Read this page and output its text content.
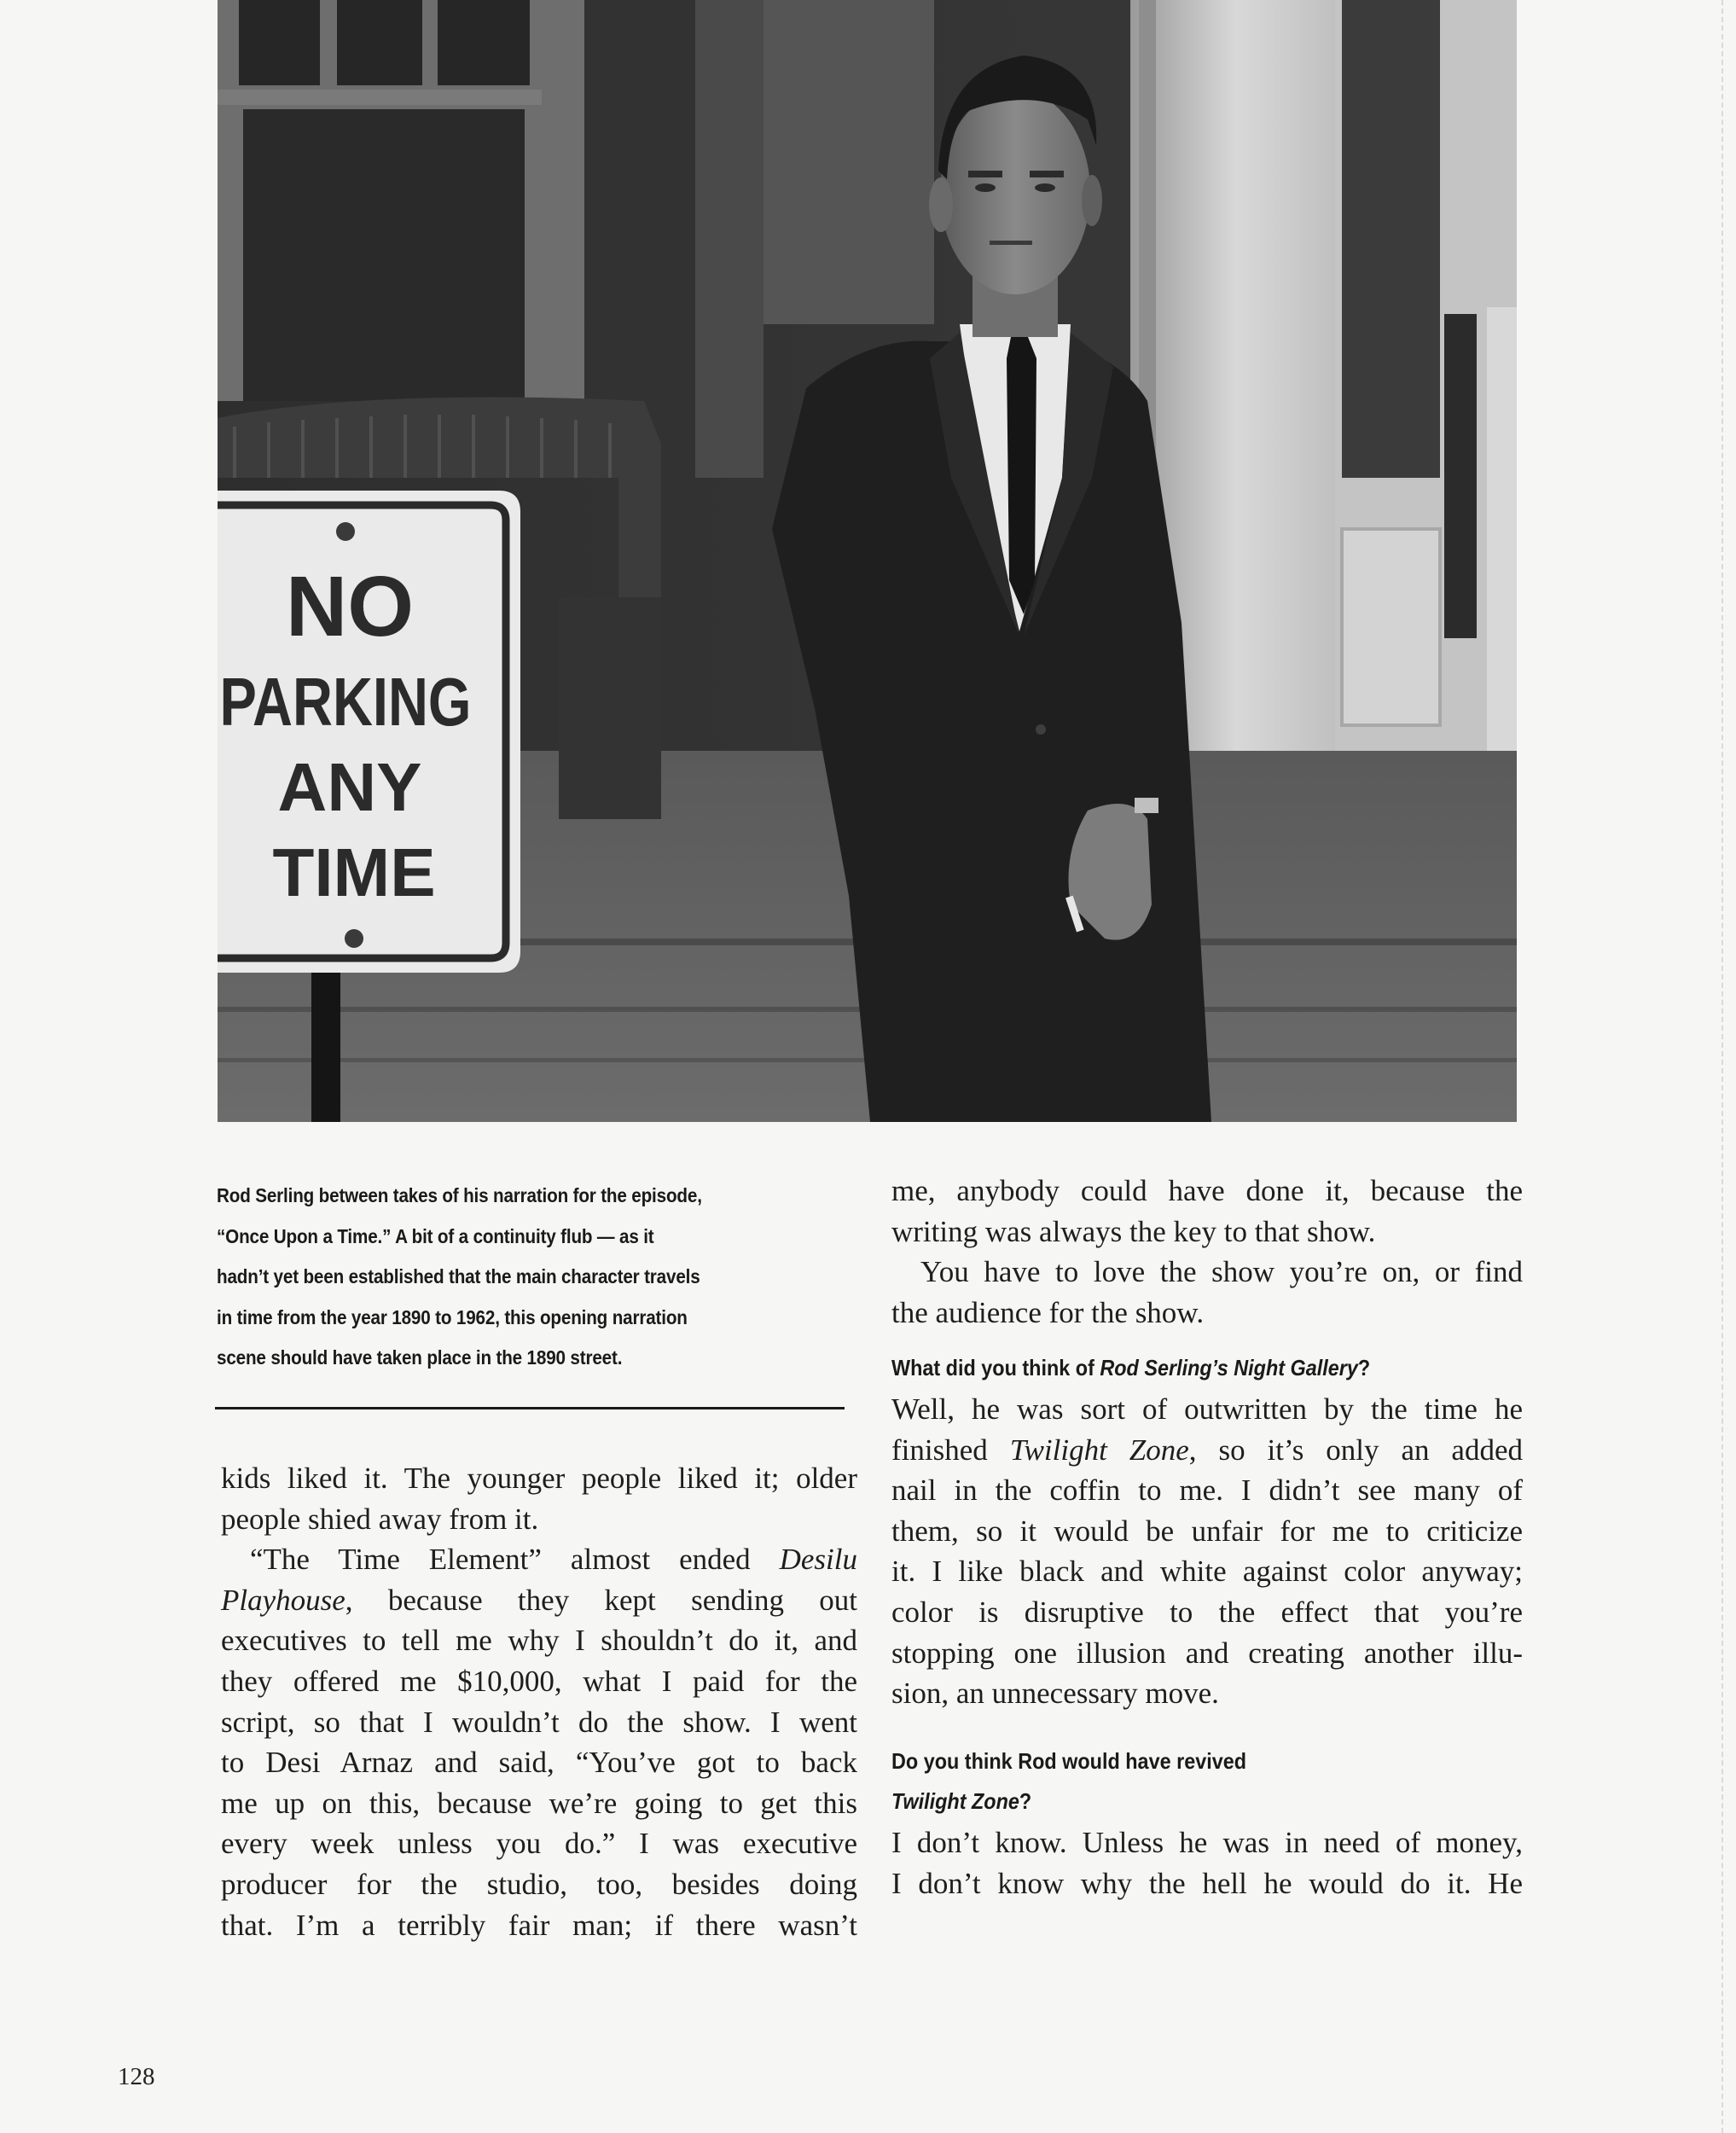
NO
PARKING
ANY
TIME
Rod Serling between takes of his narration for the episode,
“Once Upon a Time.” A bit of a continuity flub — as it
hadn’t yet been established that the main character travels
in time from the year 1890 to 1962, this opening narration
scene should have taken place in the 1890 street.
kids liked it. The younger people liked it; older
people shied away from it.
“The Time Element” almost ended Desilu
Playhouse, because they kept sending out
executives to tell me why I shouldn’t do it, and
they offered me $10,000, what I paid for the
script, so that I wouldn’t do the show. I went
to Desi Arnaz and said, “You’ve got to back
me up on this, because we’re going to get this
every week unless you do.” I was executive
producer for the studio, too, besides doing
that. I’m a terribly fair man; if there wasn’t
me, anybody could have done it, because the
writing was always the key to that show.
You have to love the show you’re on, or find
the audience for the show.
What did you think of Rod Serling’s Night Gallery?
Well, he was sort of outwritten by the time he
finished Twilight Zone, so it’s only an added
nail in the coffin to me. I didn’t see many of
them, so it would be unfair for me to criticize
it. I like black and white against color anyway;
color is disruptive to the effect that you’re
stopping one illusion and creating another illu-
sion, an unnecessary move.
Do you think Rod would have revived
Twilight Zone?
I don’t know. Unless he was in need of money,
I don’t know why the hell he would do it. He
128
